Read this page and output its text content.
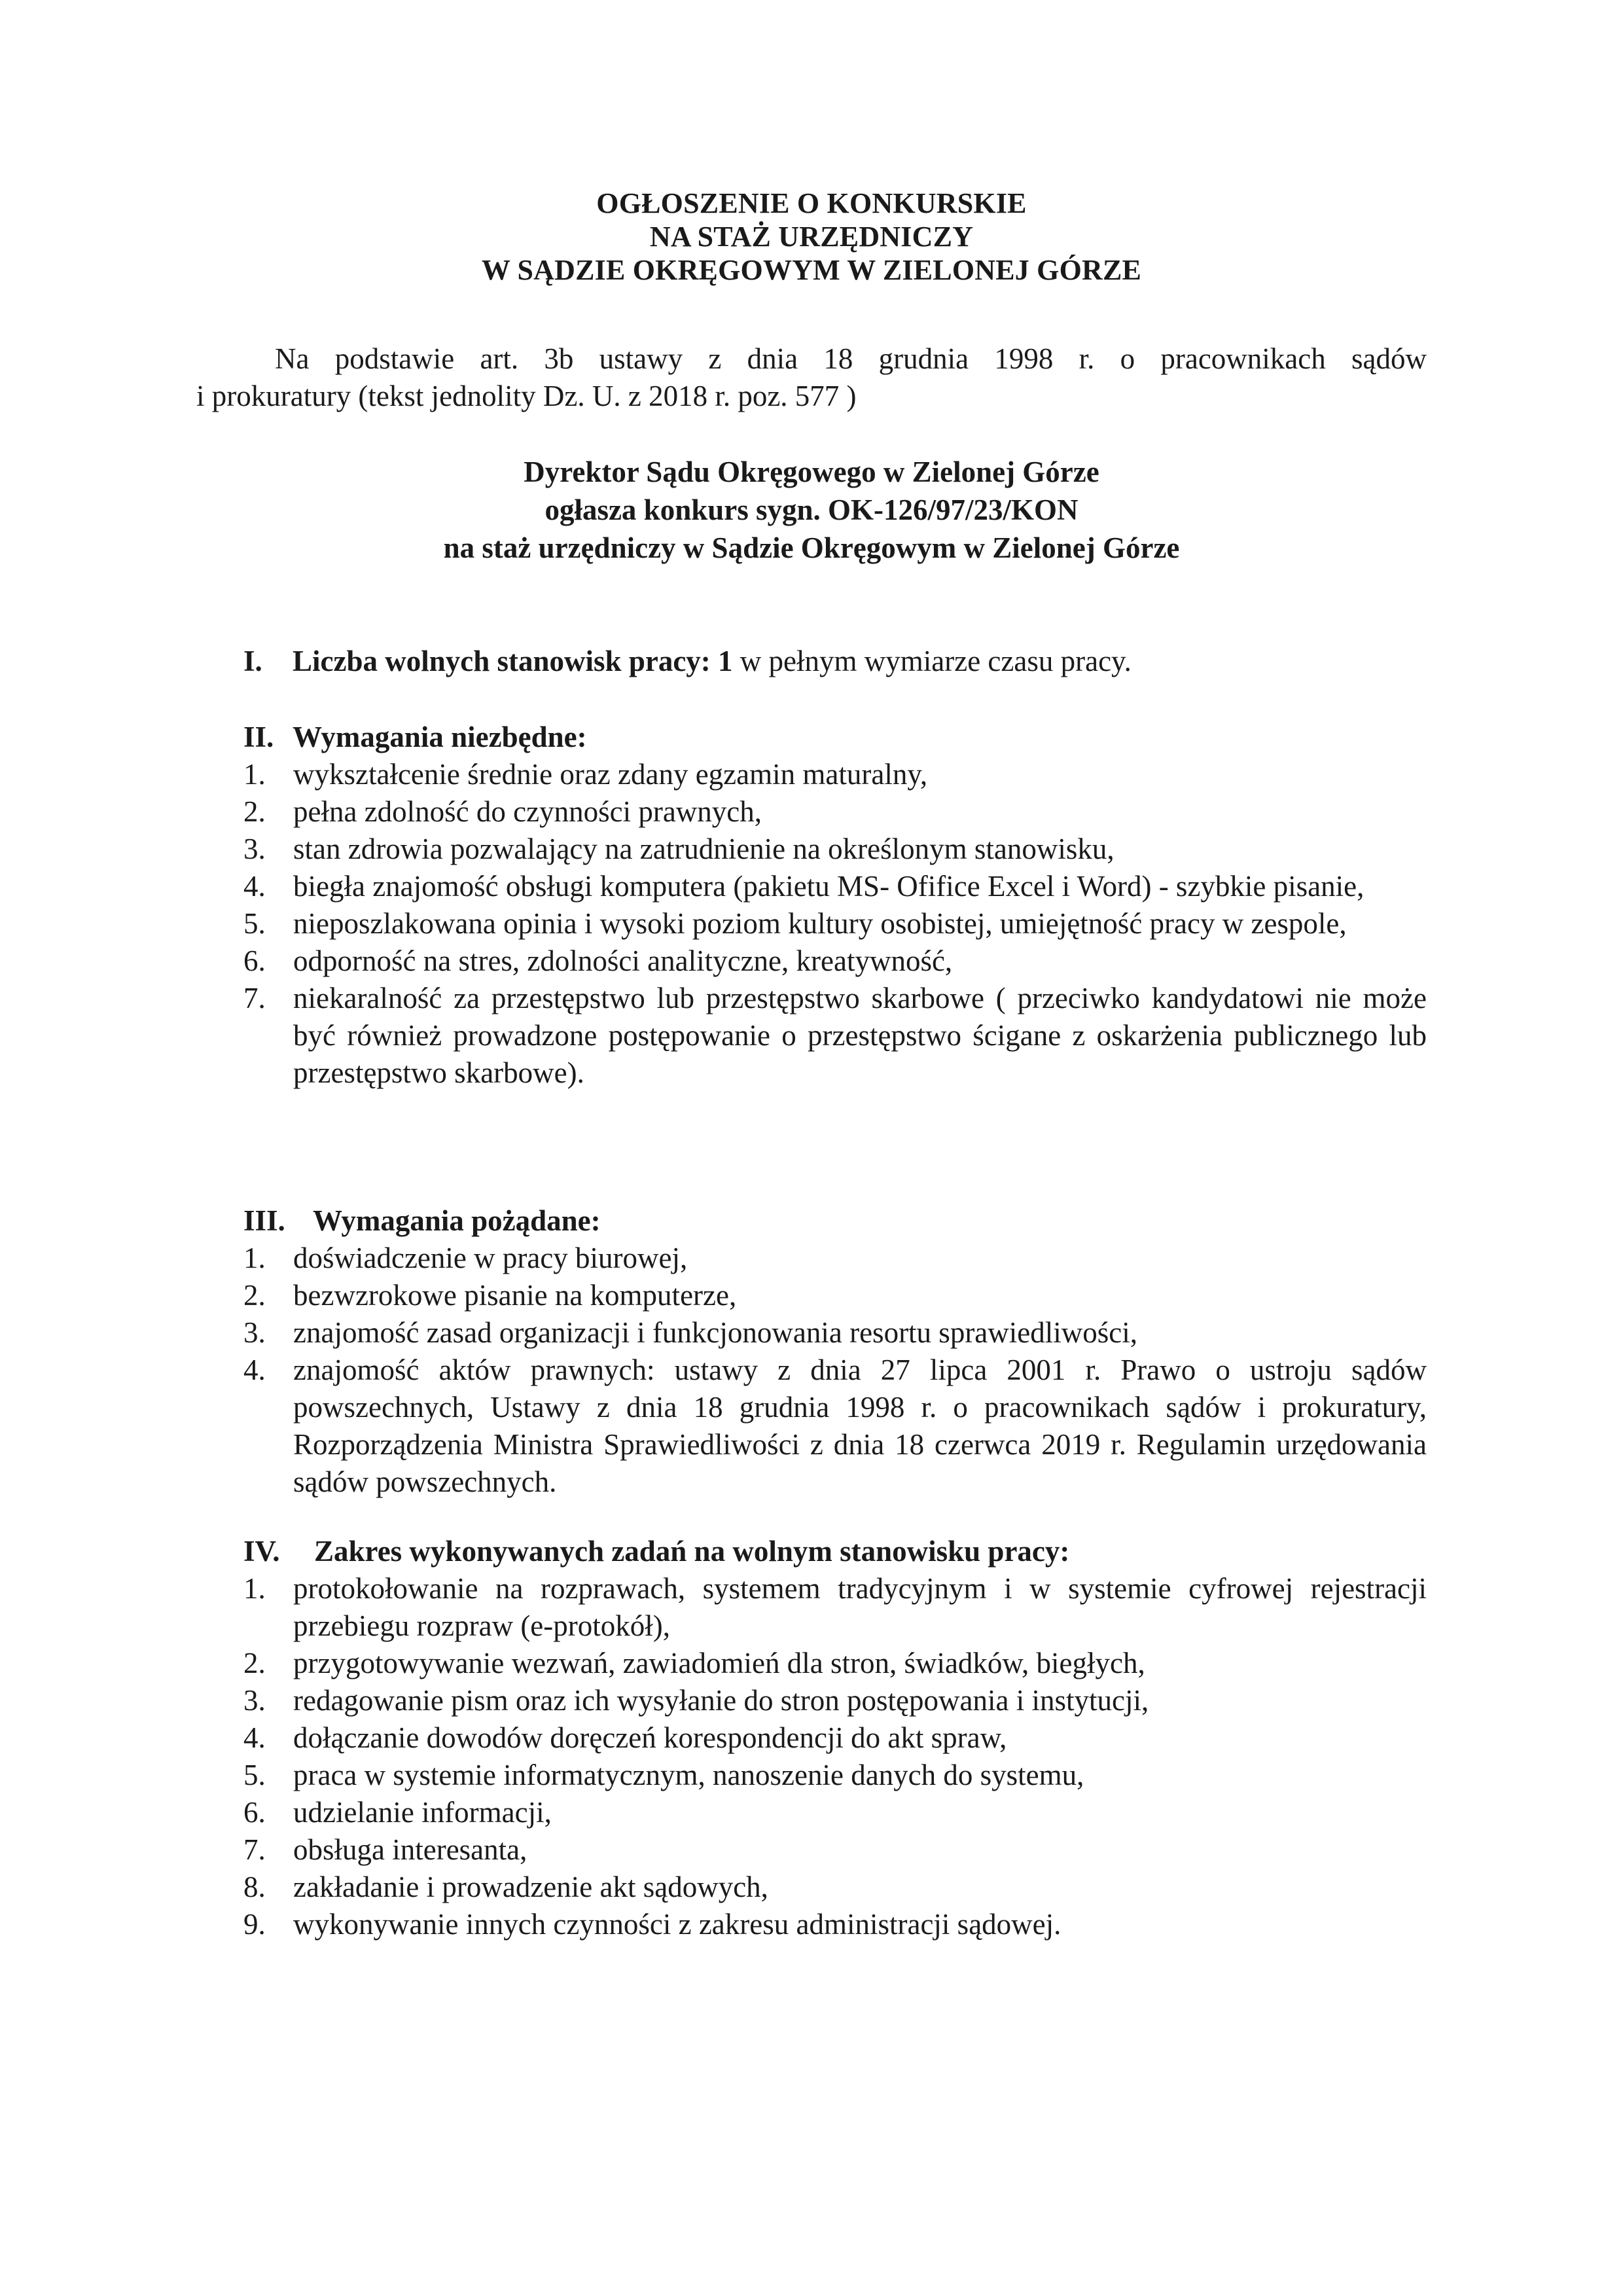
OGŁOSZENIE O KONKURSKIE
NA STAŻ URZĘDNICZY
W SĄDZIE OKRĘGOWYM W ZIELONEJ GÓRZE
Na podstawie art. 3b ustawy z dnia 18 grudnia 1998 r. o pracownikach sądów
i prokuratury (tekst jednolity Dz. U. z 2018 r. poz. 577 )
Dyrektor Sądu Okręgowego w Zielonej Górze
ogłasza konkurs sygn. OK-126/97/23/KON
na staż urzędniczy w Sądzie Okręgowym w Zielonej Górze
I. Liczba wolnych stanowisk pracy: 1 w pełnym wymiarze czasu pracy.
II. Wymagania niezbędne:
1. wykształcenie średnie oraz zdany egzamin maturalny,
2. pełna zdolność do czynności prawnych,
3. stan zdrowia pozwalający na zatrudnienie na określonym stanowisku,
4. biegła znajomość obsługi komputera (pakietu MS- Ofifice Excel i Word) - szybkie pisanie,
5. nieposzlakowana opinia i wysoki poziom kultury osobistej, umiejętność pracy w zespole,
6. odporność na stres, zdolności analityczne, kreatywność,
7. niekaralność za przestępstwo lub przestępstwo skarbowe ( przeciwko kandydatowi nie może być również prowadzone postępowanie o przestępstwo ścigane z oskarżenia publicznego lub przestępstwo skarbowe).
III. Wymagania pożądane:
1. doświadczenie w pracy biurowej,
2. bezwzrokowe pisanie na komputerze,
3. znajomość zasad organizacji i funkcjonowania resortu sprawiedliwości,
4. znajomość aktów prawnych: ustawy z dnia 27 lipca 2001 r. Prawo o ustroju sądów powszechnych, Ustawy z dnia 18 grudnia 1998 r. o pracownikach sądów i prokuratury, Rozporządzenia Ministra Sprawiedliwości z dnia 18 czerwca 2019 r. Regulamin urzędowania sądów powszechnych.
IV. Zakres wykonywanych zadań na wolnym stanowisku pracy:
1. protokołowanie na rozprawach, systemem tradycyjnym i w systemie cyfrowej rejestracji przebiegu rozpraw (e-protokół),
2. przygotowywanie wezwań, zawiadomień dla stron, świadków, biegłych,
3. redagowanie pism oraz ich wysyłanie do stron postępowania i instytucji,
4. dołączanie dowodów doręczeń korespondencji do akt spraw,
5. praca w systemie informatycznym, nanoszenie danych do systemu,
6. udzielanie informacji,
7. obsługa interesanta,
8. zakładanie i prowadzenie akt sądowych,
9. wykonywanie innych czynności z zakresu administracji sądowej.
